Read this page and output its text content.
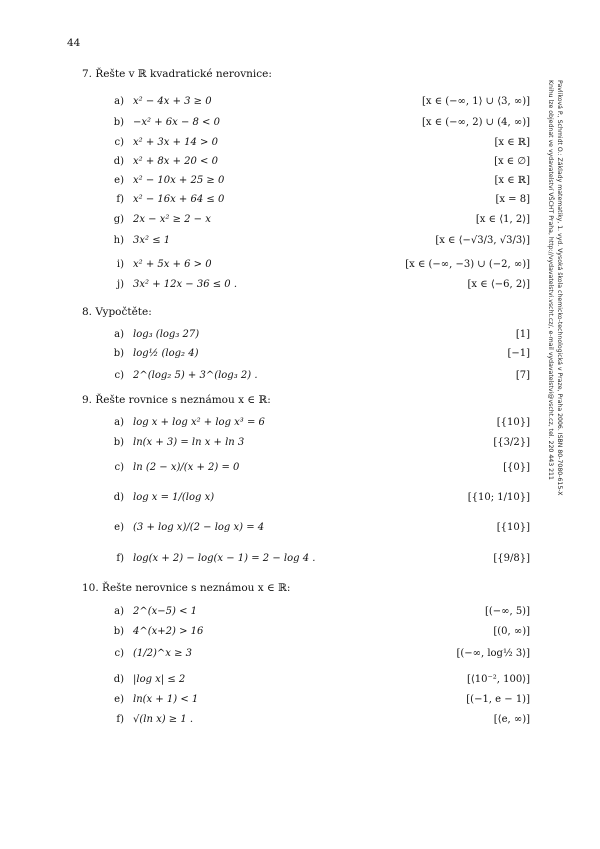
44
Pavlíková P., Schmidt O.: Základy matematiky, 1. vyd. Vysoká škola chemicko-technologická v Praze, Praha 2006. ISBN 80-7080-615-X
Knihu lze objednat ve vydavatelství VŠCHT Praha, http://vydavatelstvi.vscht.cz/, e-mail vydavatelstvi@vscht.cz, tel. 220 443 211
7. Řešte v ℝ kvadratické nerovnice:
a) x² − 4x + 3 ≥ 0	[x ∈ (−∞, 1⟩ ∪ ⟨3, ∞)]
b) −x² + 6x − 8 < 0	[x ∈ (−∞, 2) ∪ (4, ∞)]
c) x² + 3x + 14 > 0	[x ∈ ℝ]
d) x² + 8x + 20 < 0	[x ∈ ∅]
e) x² − 10x + 25 ≥ 0	[x ∈ ℝ]
f) x² − 16x + 64 ≤ 0	[x = 8]
g) 2x − x² ≥ 2 − x	[x ∈ ⟨1, 2⟩]
h) 3x² ≤ 1	[x ∈ ⟨−√3/3, √3/3⟩]
i) x² + 5x + 6 > 0	[x ∈ (−∞, −3) ∪ (−2, ∞)]
j) 3x² + 12x − 36 ≤ 0 .	[x ∈ ⟨−6, 2⟩]
8. Vypočtěte:
a) log₃ (log₃ 27)	[1]
b) log½ (log₂ 4)	[−1]
c) 2^(log₂ 5) + 3^(log₃ 2) .	[7]
9. Řešte rovnice s neznámou x ∈ ℝ:
a) log x + log x² + log x³ = 6	[{10}]
b) ln(x + 3) = ln x + ln 3	[{3/2}]
c) ln (2 − x)/(x + 2) = 0	[{0}]
d) log x = 1/(log x)	[{10; 1/10}]
e) (3 + log x)/(2 − log x) = 4	[{10}]
f) log(x + 2) − log(x − 1) = 2 − log 4 .	[{9/8}]
10. Řešte nerovnice s neznámou x ∈ ℝ:
a) 2^(x−5) < 1	[(−∞, 5)]
b) 4^(x+2) > 16	[(0, ∞)]
c) (1/2)^x ≥ 3	[(−∞, log½ 3⟩]
d) |log x| ≤ 2	[⟨10⁻², 100⟩]
e) ln(x + 1) < 1	[(−1, e − 1)]
f) √(ln x) ≥ 1 .	[⟨e, ∞)]
